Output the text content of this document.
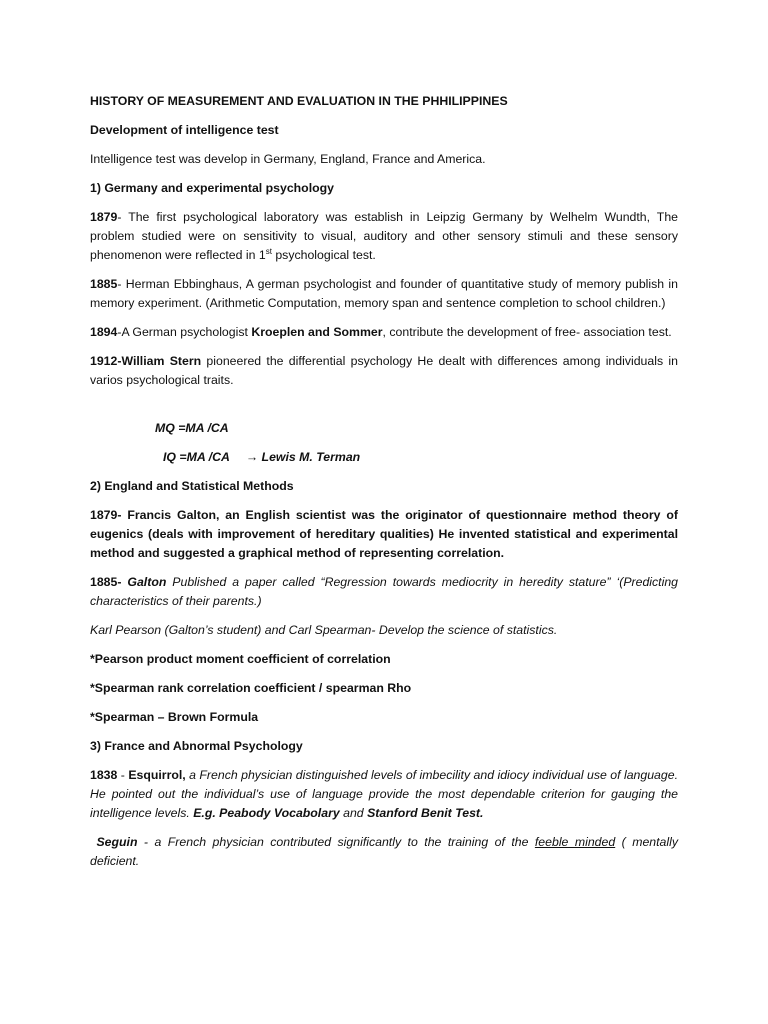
HISTORY OF MEASUREMENT AND EVALUATION IN THE PHHILIPPINES

Development of intelligence test

Intelligence test was develop in Germany, England, France and America.

1) Germany and experimental psychology

1879- The first psychological laboratory was establish in Leipzig Germany by Welhelm Wundth, The problem studied were on sensitivity to visual, auditory and other sensory stimuli and these sensory phenomenon were reflected in 1st psychological test.

1885- Herman Ebbinghaus, A german psychologist and founder of quantitative study of memory publish in memory experiment. (Arithmetic Computation, memory span and sentence completion to school children.)

1894-A German psychologist Kroeplen and Sommer, contribute the development of free- association test.

1912-William Stern pioneered the differential psychology He dealt with differences among individuals in varios psychological traits.

MQ =MA /CA

IQ =MA /CA → Lewis M. Terman

2) England and Statistical Methods

1879- Francis Galton, an English scientist was the originator of questionnaire method theory of eugenics (deals with improvement of hereditary qualities) He invented statistical and experimental method and suggested a graphical method of representing correlation.

1885- Galton Published a paper called “Regression towards mediocrity in heredity stature” ‘(Predicting characteristics of their parents.)

Karl Pearson (Galton’s student) and Carl Spearman- Develop the science of statistics.

*Pearson product moment coefficient of correlation

*Spearman rank correlation coefficient / spearman Rho

*Spearman – Brown Formula

3) France and Abnormal Psychology

1838 - Esquirrol, a French physician distinguished levels of imbecility and idiocy individual use of language. He pointed out the individual’s use of language provide the most dependable criterion for gauging the intelligence levels. E.g. Peabody Vocabolary and Stanford Benit Test.

Seguin - a French physician contributed significantly to the training of the feeble minded ( mentally deficient.
